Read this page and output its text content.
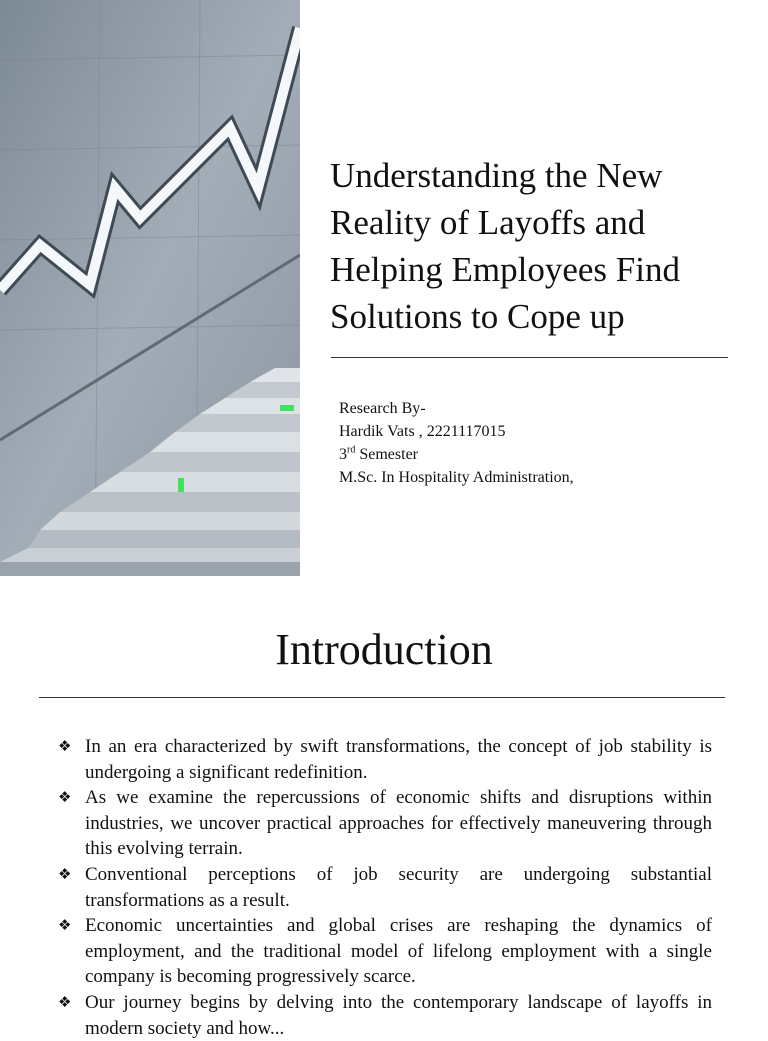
Understanding the New Reality of Layoffs and Helping Employees Find Solutions to Cope up
Research By-
Hardik Vats , 2221117015
3rd Semester
M.Sc. In Hospitality Administration,
Introduction
❖ In an era characterized by swift transformations, the concept of job stability is undergoing a significant redefinition.
❖ As we examine the repercussions of economic shifts and disruptions within industries, we uncover practical approaches for effectively maneuvering through this evolving terrain.
❖ Conventional perceptions of job security are undergoing substantial transformations as a result.
❖ Economic uncertainties and global crises are reshaping the dynamics of employment, and the traditional model of lifelong employment with a single company is becoming progressively scarce.
❖ Our journey begins by delving into the contemporary landscape of layoffs in modern society and how...
